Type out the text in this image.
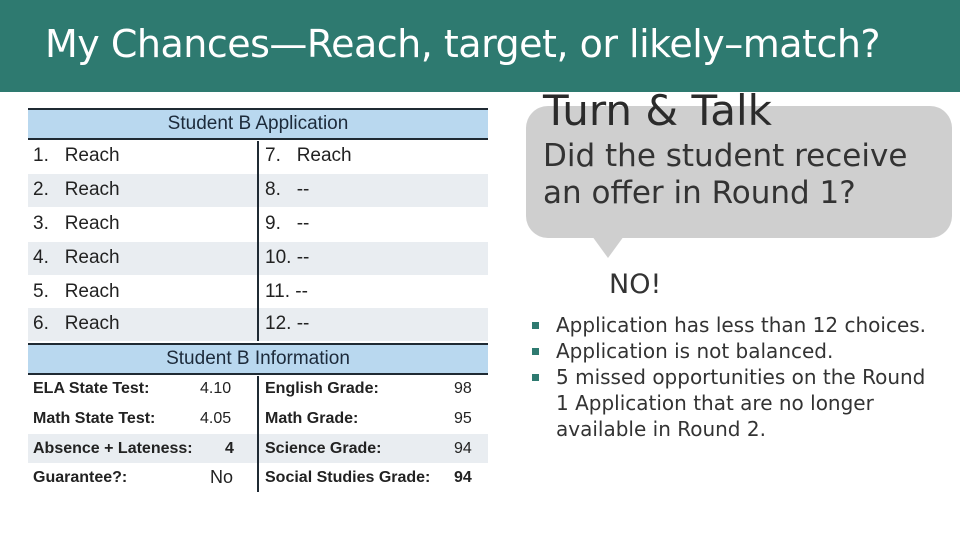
My Chances—Reach, target, or likely–match?
Student B Application
1. Reach	7. Reach
2. Reach	8. --
3. Reach	9. --
4. Reach	10. --
5. Reach	11. --
6. Reach	12. --
Student B Information
ELA State Test:	4.10 English Grade:	98
Math State Test:	4.05 Math Grade:	95
Absence + Lateness: 4 Science Grade:	94
Guarantee?:	No Social Studies Grade: 94
Turn & Talk
Did the student receive an offer in Round 1?
NO!
Application has less than 12 choices.
Application is not balanced.
5 missed opportunities on the Round 1 Application that are no longer available in Round 2.
